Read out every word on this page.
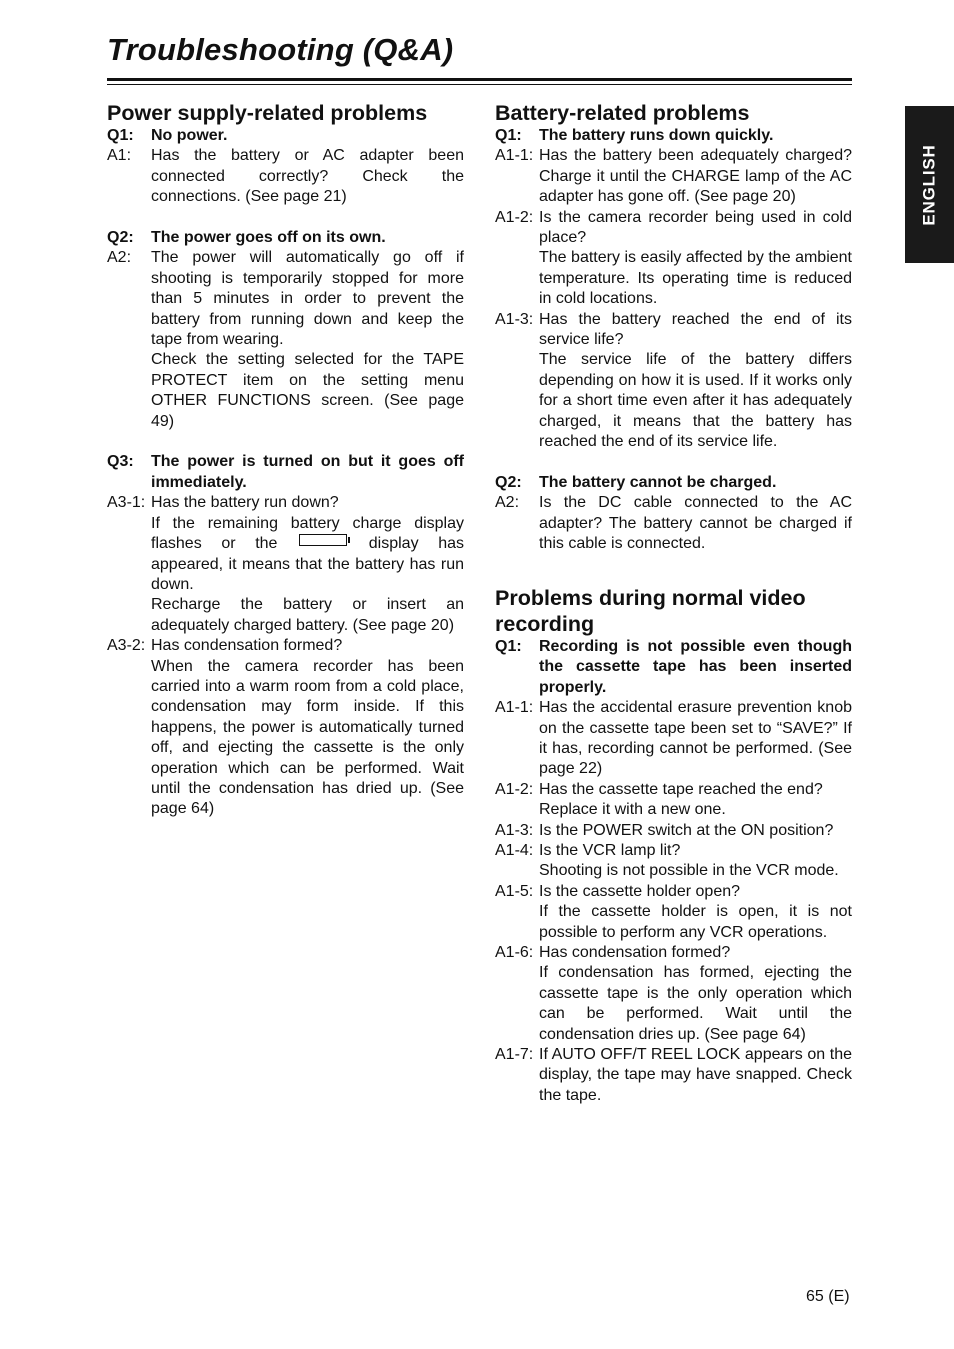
Troubleshooting (Q&A)
ENGLISH
Power supply-related problems
Q1:	No power.
A1:	Has the battery or AC adapter been connected correctly? Check the connections. (See page 21)
Q2:	The power goes off on its own.
A2:	The power will automatically go off if shooting is temporarily stopped for more than 5 minutes in order to prevent the battery from running down and keep the tape from wearing.
Check the setting selected for the TAPE PROTECT item on the setting menu OTHER FUNCTIONS screen. (See page 49)
Q3:	The power is turned on but it goes off immediately.
A3-1: Has the battery run down?
If the remaining battery charge display flashes or the	display has appeared, it means that the battery has run down.
Recharge the battery or insert an adequately charged battery. (See page 20)
A3-2: Has condensation formed?
When the camera recorder has been carried into a warm room from a cold place, condensation may form inside. If this happens, the power is automatically turned off, and ejecting the cassette is the only operation which can be performed. Wait until the condensation has dried up. (See page 64)
Battery-related problems
Q1:	The battery runs down quickly.
A1-1: Has the battery been adequately charged? Charge it until the CHARGE lamp of the AC adapter has gone off. (See page 20)
A1-2: Is the camera recorder being used in cold place?
The battery is easily affected by the ambient temperature. Its operating time is reduced in cold locations.
A1-3: Has the battery reached the end of its service life?
The service life of the battery differs depending on how it is used. If it works only for a short time even after it has adequately charged, it means that the battery has reached the end of its service life.
Q2:	The battery cannot be charged.
A2:	Is the DC cable connected to the AC adapter? The battery cannot be charged if this cable is connected.
Problems during normal video recording
Q1:	Recording is not possible even though the cassette tape has been inserted properly.
A1-1: Has the accidental erasure prevention knob on the cassette tape been set to “SAVE?” If it has, recording cannot be performed. (See page 22)
A1-2: Has the cassette tape reached the end?
Replace it with a new one.
A1-3: Is the POWER switch at the ON position?
A1-4: Is the VCR lamp lit?
Shooting is not possible in the VCR mode.
A1-5: Is the cassette holder open?
If the cassette holder is open, it is not possible to perform any VCR operations.
A1-6: Has condensation formed?
If condensation has formed, ejecting the cassette tape is the only operation which can be performed. Wait until the condensation dries up. (See page 64)
A1-7: If AUTO OFF/T REEL LOCK appears on the display, the tape may have snapped. Check the tape.
65 (E)
